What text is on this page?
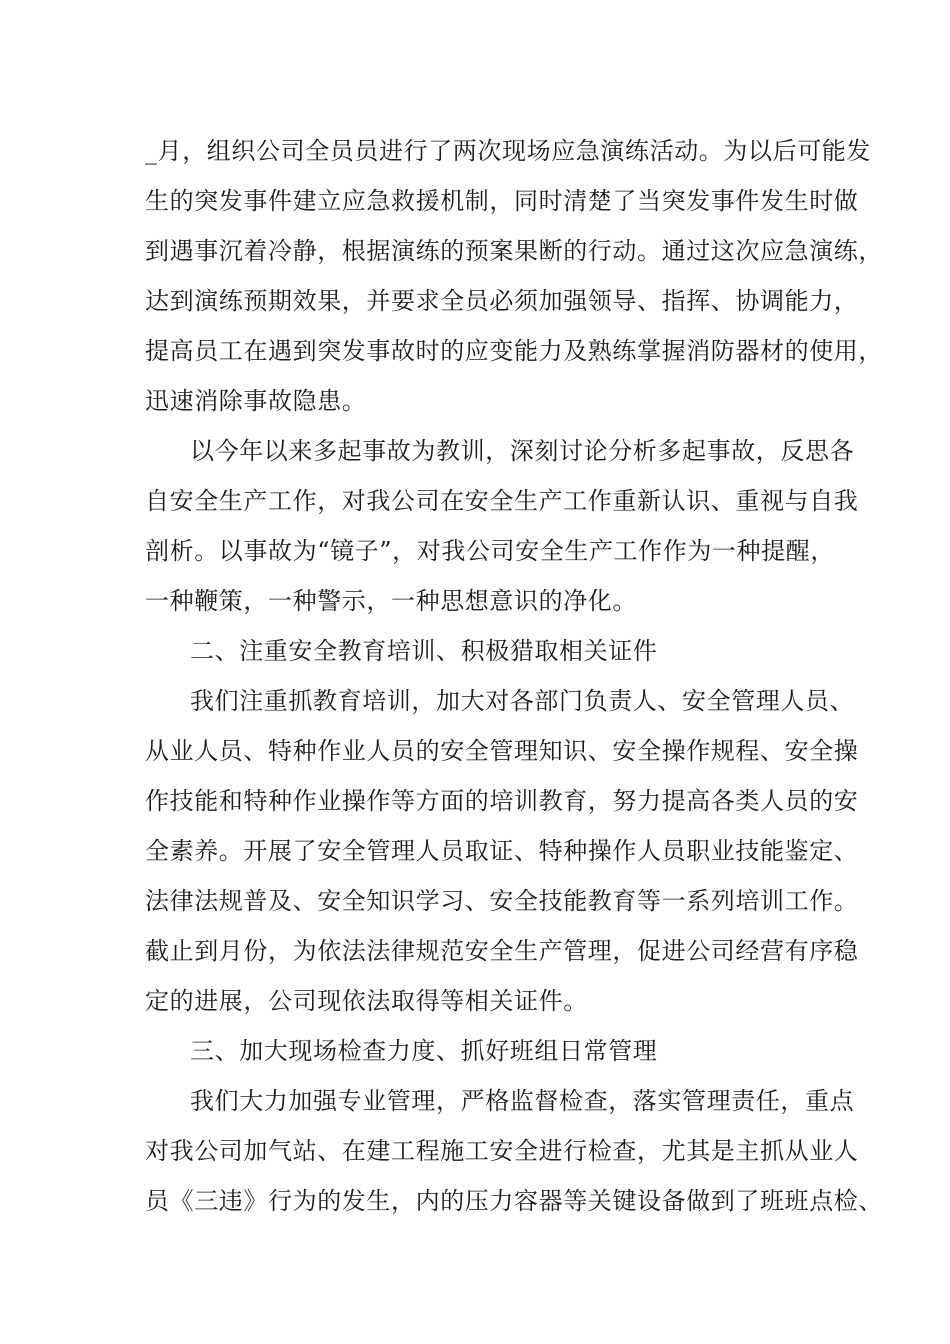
_月，组织公司全员员进行了两次现场应急演练活动。为以后可能发
生的突发事件建立应急救援机制，同时清楚了当突发事件发生时做
到遇事沉着冷静，根据演练的预案果断的行动。通过这次应急演练，
达到演练预期效果，并要求全员必须加强领导、指挥、协调能力，
提高员工在遇到突发事故时的应变能力及熟练掌握消防器材的使用，
迅速消除事故隐患。
以今年以来多起事故为教训，深刻讨论分析多起事故，反思各
自安全生产工作，对我公司在安全生产工作重新认识、重视与自我
剖析。以事故为“镜子”，对我公司安全生产工作作为一种提醒，
一种鞭策，一种警示，一种思想意识的净化。
二、注重安全教育培训、积极猎取相关证件
我们注重抓教育培训，加大对各部门负责人、安全管理人员、
从业人员、特种作业人员的安全管理知识、安全操作规程、安全操
作技能和特种作业操作等方面的培训教育，努力提高各类人员的安
全素养。开展了安全管理人员取证、特种操作人员职业技能鉴定、
法律法规普及、安全知识学习、安全技能教育等一系列培训工作。
截止到月份，为依法法律规范安全生产管理，促进公司经营有序稳
定的进展，公司现依法取得等相关证件。
三、加大现场检查力度、抓好班组日常管理
我们大力加强专业管理，严格监督检查，落实管理责任，重点
对我公司加气站、在建工程施工安全进行检查，尤其是主抓从业人
员《三违》行为的发生，内的压力容器等关键设备做到了班班点检、
